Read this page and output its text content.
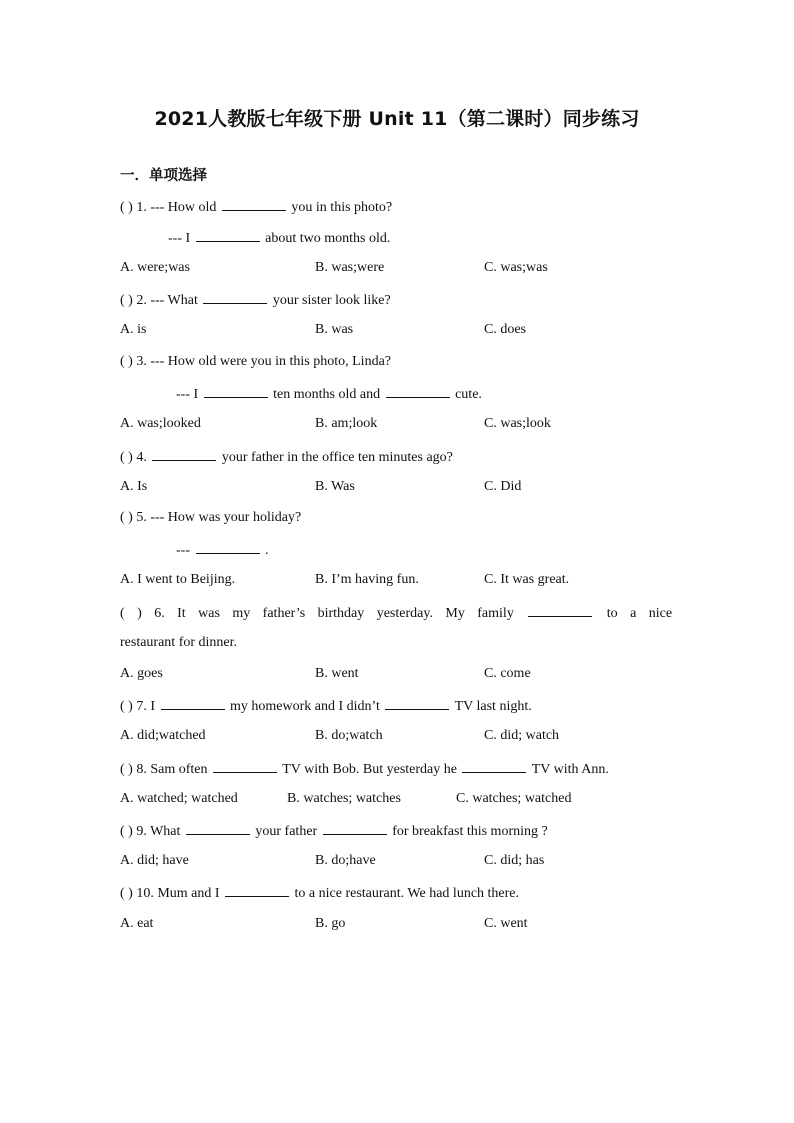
2021人教版七年级下册 Unit 11（第二课时）同步练习
一．单项选择
( ) 1. --- How old	you in this photo?
--- I	about two months old.
A. were;was	B. was;were	C. was;was
( ) 2. --- What	your sister look like?
A. is	B. was	C. does
( ) 3. --- How old were you in this photo, Linda?
--- I	ten months old and	cute.
A. was;looked	B. am;look	C. was;look
( ) 4.	your father in the office ten minutes ago?
A. Is	B. Was	C. Did
( ) 5. --- How was your holiday?
---	.
A. I went to Beijing.	B. I’m having fun.	C. It was great.
( ) 6. It was my father’s birthday yesterday. My family	to a nice
restaurant for dinner.
A. goes	B. went	C. come
( ) 7. I	my homework and I didn’t	TV last night.
A. did;watched	B. do;watch	C. did; watch
( ) 8. Sam often	TV with Bob. But yesterday he	TV with Ann.
A. watched; watched	B. watches; watches	C. watches; watched
( ) 9. What	your father	for breakfast this morning ?
A. did; have	B. do;have	C. did; has
( ) 10. Mum and I	to a nice restaurant. We had lunch there.
A. eat	B. go	C. went
